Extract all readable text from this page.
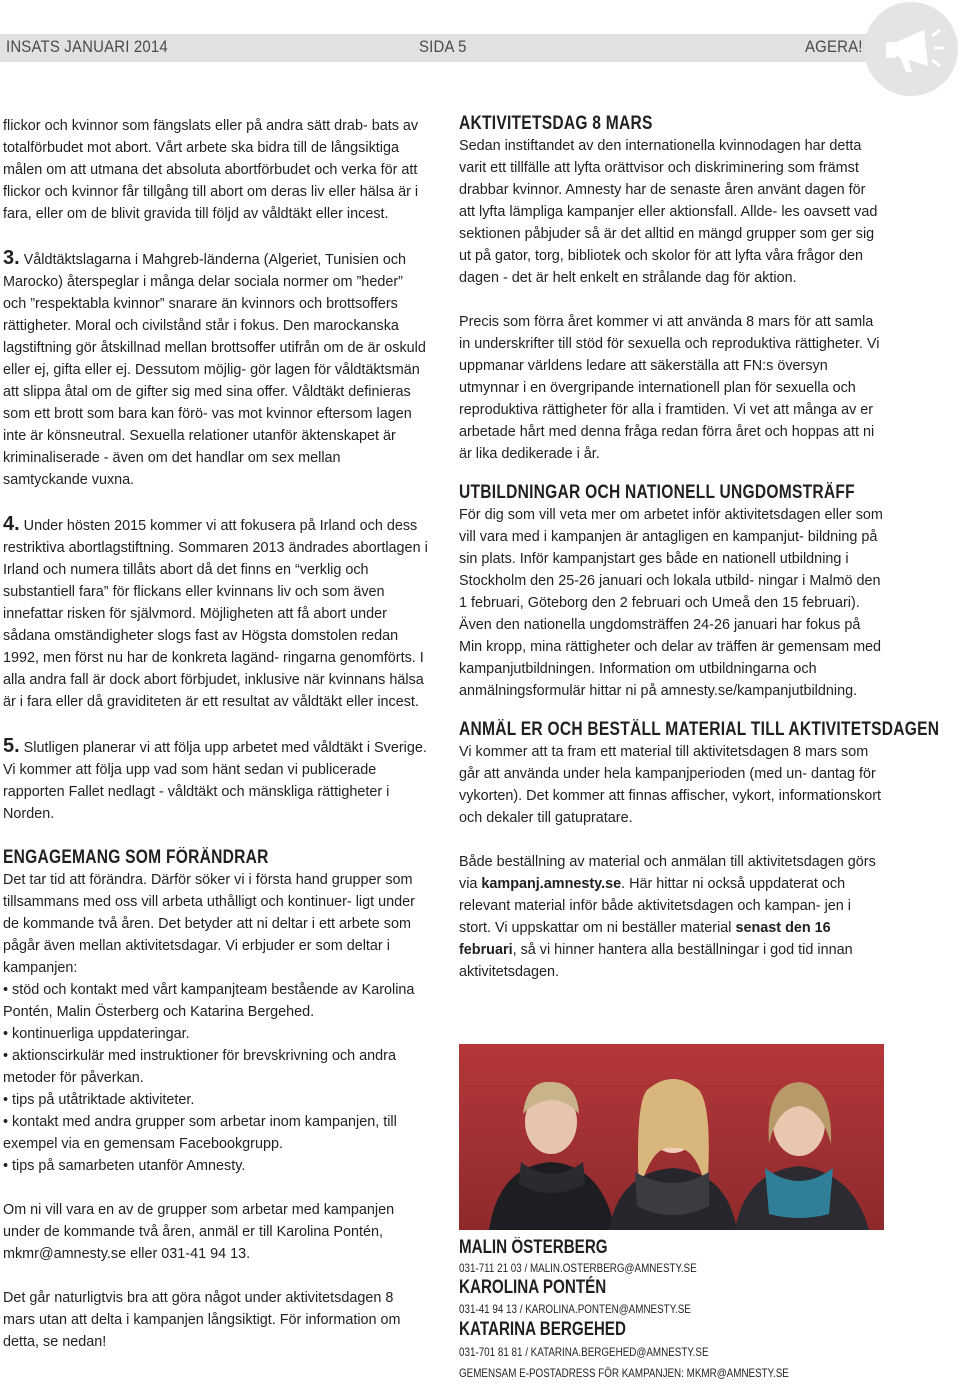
INSATS JANUARI 2014	SIDA 5	AGERA!

flickor och kvinnor som fängslats eller på andra sätt drab- bats av totalförbudet mot abort. Vårt arbete ska bidra till de långsiktiga målen om att utmana det absoluta abortförbudet och verka för att flickor och kvinnor får tillgång till abort om deras liv eller hälsa är i fara, eller om de blivit gravida till följd av våldtäkt eller incest.

3. Våldtäktslagarna i Mahgreb-länderna (Algeriet, Tunisien och Marocko) återspeglar i många delar sociala normer om ”heder” och ”respektabla kvinnor” snarare än kvinnors och brottsoffers rättigheter. Moral och civilstånd står i fokus. Den marockanska lagstiftning gör åtskillnad mellan brottsoffer utifrån om de är oskuld eller ej, gifta eller ej. Dessutom möjlig- gör lagen för våldtäktsmän att slippa åtal om de gifter sig med sina offer. Våldtäkt definieras som ett brott som bara kan förö- vas mot kvinnor eftersom lagen inte är könsneutral. Sexuella relationer utanför äktenskapet är kriminaliserade - även om det handlar om sex mellan samtyckande vuxna.

4. Under hösten 2015 kommer vi att fokusera på Irland och dess restriktiva abortlagstiftning. Sommaren 2013 ändrades abortlagen i Irland och numera tillåts abort då det finns en “verklig och substantiell fara” för flickans eller kvinnans liv och som även innefattar risken för självmord. Möjligheten att få abort under sådana omständigheter slogs fast av Högsta domstolen redan 1992, men först nu har de konkreta lagänd- ringarna genomförts. I alla andra fall är dock abort förbjudet, inklusive när kvinnans hälsa är i fara eller då graviditeten är ett resultat av våldtäkt eller incest.

5. Slutligen planerar vi att följa upp arbetet med våldtäkt i Sverige. Vi kommer att följa upp vad som hänt sedan vi publicerade rapporten Fallet nedlagt - våldtäkt och mänskliga rättigheter i Norden.

ENGAGEMANG SOM FÖRÄNDRAR

Det tar tid att förändra. Därför söker vi i första hand grupper som tillsammans med oss vill arbeta uthålligt och kontinuer- ligt under de kommande två åren. Det betyder att ni deltar i ett arbete som pågår även mellan aktivitetsdagar. Vi erbjuder er som deltar i kampanjen:

• stöd och kontakt med vårt kampanjteam bestående av Karolina Pontén, Malin Österberg och Katarina Bergehed.

• kontinuerliga uppdateringar.

• aktionscirkulär med instruktioner för brevskrivning och andra metoder för påverkan.

• tips på utåtriktade aktiviteter.

• kontakt med andra grupper som arbetar inom kampanjen, till exempel via en gemensam Facebookgrupp.

• tips på samarbeten utanför Amnesty.

Om ni vill vara en av de grupper som arbetar med kampanjen under de kommande två åren, anmäl er till Karolina Pontén, mkmr@amnesty.se eller 031-41 94 13.

Det går naturligtvis bra att göra något under aktivitetsdagen 8 mars utan att delta i kampanjen långsiktigt. För information om detta, se nedan!

AKTIVITETSDAG 8 MARS

Sedan instiftandet av den internationella kvinnodagen har detta varit ett tillfälle att lyfta orättvisor och diskriminering som främst drabbar kvinnor. Amnesty har de senaste åren använt dagen för att lyfta lämpliga kampanjer eller aktionsfall. Allde- les oavsett vad sektionen påbjuder så är det alltid en mängd grupper som ger sig ut på gator, torg, bibliotek och skolor för att lyfta våra frågor den dagen - det är helt enkelt en strålande dag för aktion.

Precis som förra året kommer vi att använda 8 mars för att samla in underskrifter till stöd för sexuella och reproduktiva rättigheter. Vi uppmanar världens ledare att säkerställa att FN:s översyn utmynnar i en övergripande internationell plan för sexuella och reproduktiva rättigheter för alla i framtiden. Vi vet att många av er arbetade hårt med denna fråga redan förra året och hoppas att ni är lika dedikerade i år.

UTBILDNINGAR OCH NATIONELL UNGDOMSTRÄFF

För dig som vill veta mer om arbetet inför aktivitetsdagen eller som vill vara med i kampanjen är antagligen en kampanjut- bildning på sin plats. Inför kampanjstart ges både en nationell utbildning i Stockholm den 25-26 januari och lokala utbild- ningar i Malmö den 1 februari, Göteborg den 2 februari och Umeå den 15 februari). Även den nationella ungdomsträffen 24-26 januari har fokus på Min kropp, mina rättigheter och delar av träffen är gemensam med kampanjutbildningen. Information om utbildningarna och anmälningsformulär hittar ni på amnesty.se/kampanjutbildning.

ANMÄL ER OCH BESTÄLL MATERIAL TILL AKTIVITETSDAGEN

Vi kommer att ta fram ett material till aktivitetsdagen 8 mars som går att använda under hela kampanjperioden (med un- dantag för vykorten). Det kommer att finnas affischer, vykort, informationskort och dekaler till gatupratare.

Både beställning av material och anmälan till aktivitetsdagen görs via kampanj.amnesty.se. Här hittar ni också uppdaterat och relevant material inför både aktivitetsdagen och kampan- jen i stort. Vi uppskattar om ni beställer material senast den 16 februari, så vi hinner hantera alla beställningar i god tid innan aktivitetsdagen.

MALIN ÖSTERBERG
031-711 21 03 / MALIN.OSTERBERG@AMNESTY.SE
KAROLINA PONTÉN
031-41 94 13 / KAROLINA.PONTEN@AMNESTY.SE
KATARINA BERGEHED
031-701 81 81 / KATARINA.BERGEHED@AMNESTY.SE
GEMENSAM E-POSTADRESS FÖR KAMPANJEN: MKMR@AMNESTY.SE
